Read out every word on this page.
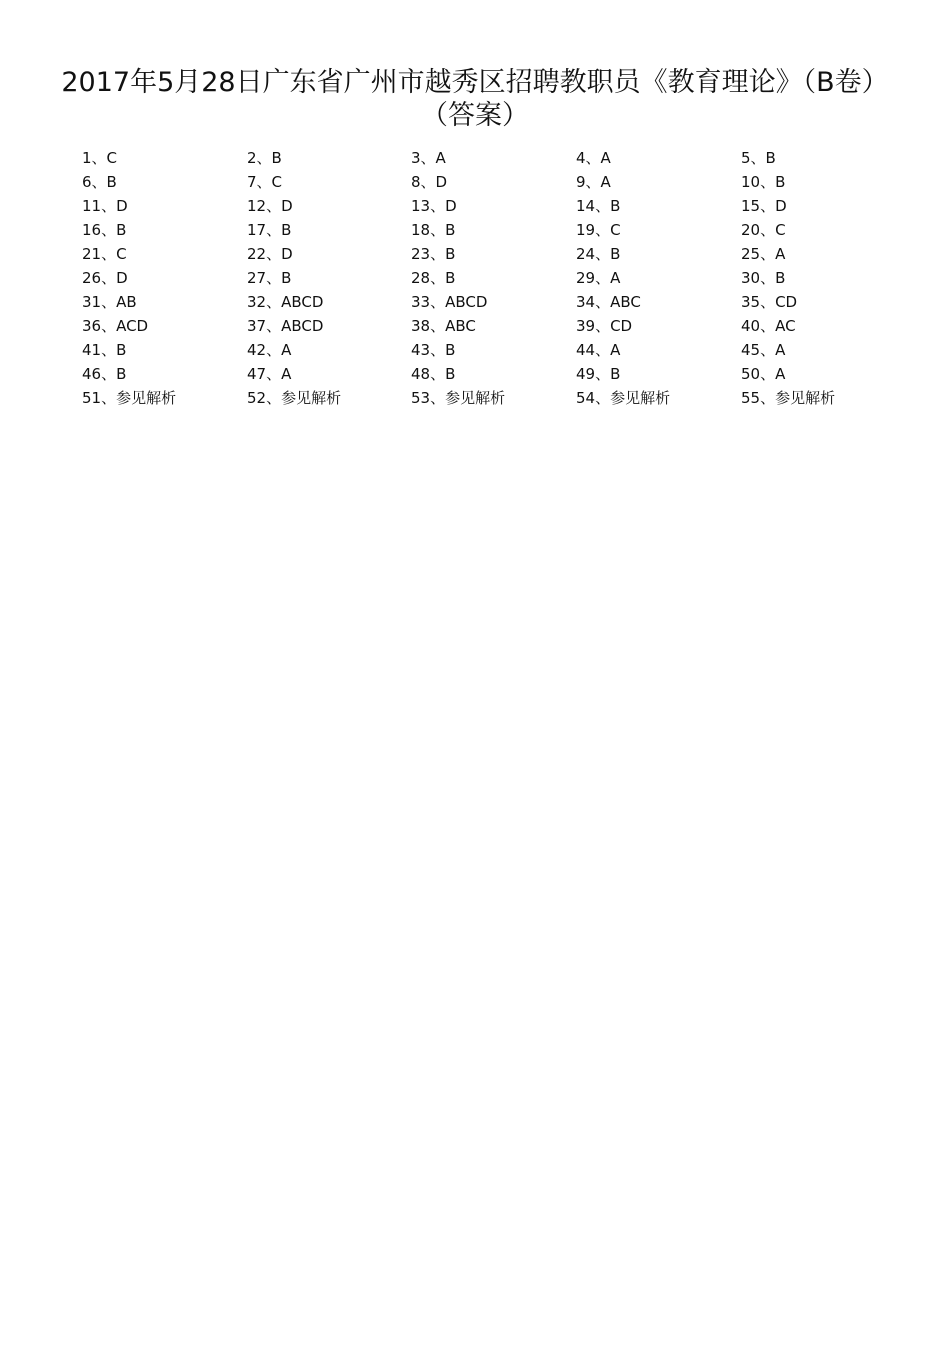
2017年5月28日广东省广州市越秀区招聘教职员《教育理论》（B卷）（答案）
1、C	2、B	3、A	4、A	5、B
6、B	7、C	8、D	9、A	10、B
11、D	12、D	13、D	14、B	15、D
16、B	17、B	18、B	19、C	20、C
21、C	22、D	23、B	24、B	25、A
26、D	27、B	28、B	29、A	30、B
31、AB	32、ABCD	33、ABCD	34、ABC	35、CD
36、ACD	37、ABCD	38、ABC	39、CD	40、AC
41、B	42、A	43、B	44、A	45、A
46、B	47、A	48、B	49、B	50、A
51、参见解析	52、参见解析	53、参见解析	54、参见解析	55、参见解析
